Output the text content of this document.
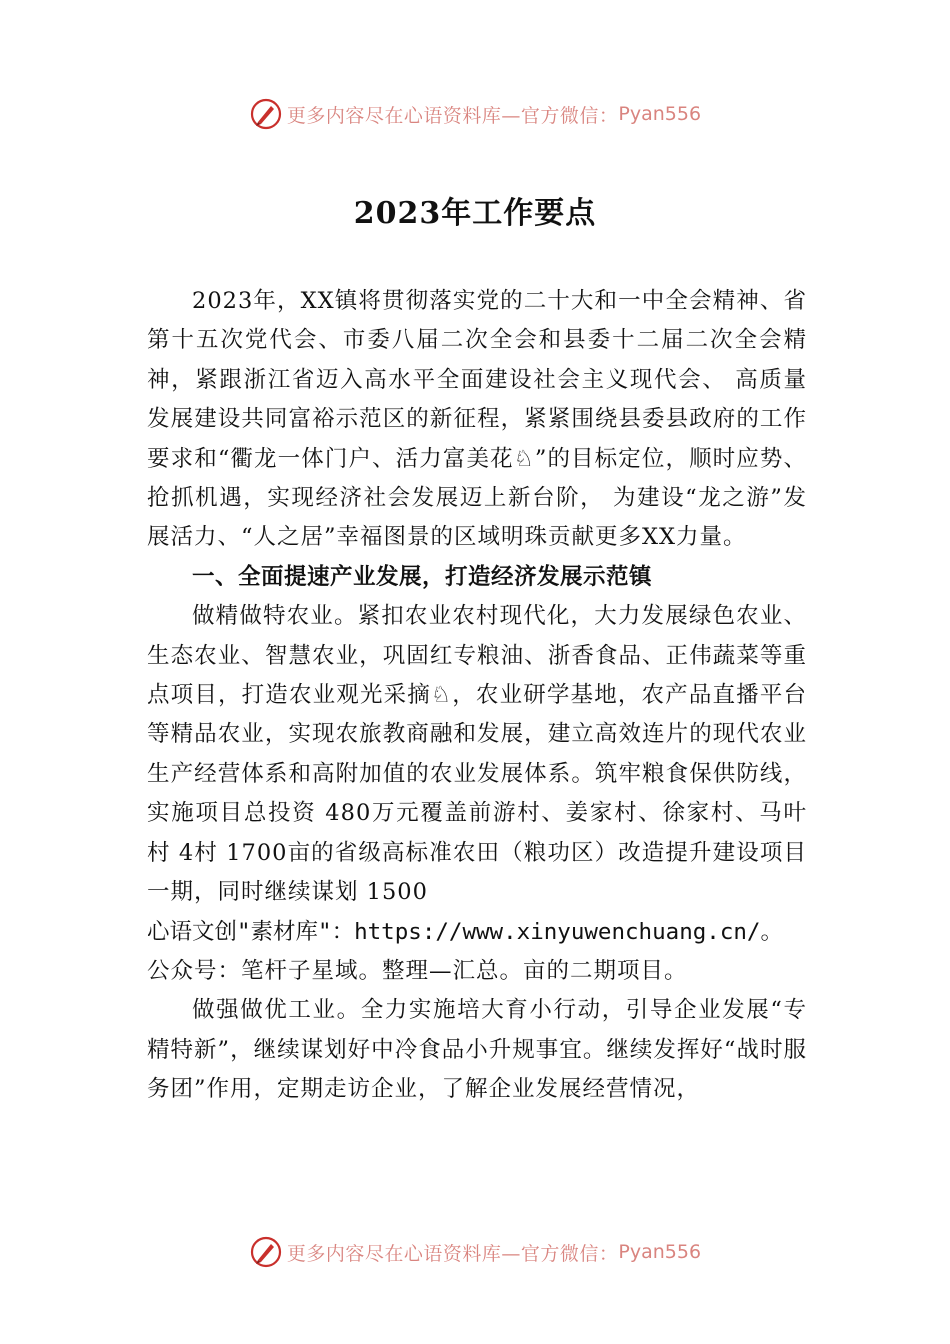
更多内容尽在心语资料库—官方微信： Pyan556
2023年工作要点

2023年，XX镇将贯彻落实党的二十大和一中全会精神、省第十五次党代会、市委八届二次全会和县委十二届二次全会精神，紧跟浙江省迈入高水平全面建设社会主义现代会、 高质量发展建设共同富裕示范区的新征程，紧紧围绕县委县政府的工作要求和“衢龙一体门户、活力富美花♘”的目标定位，顺时应势、抢抓机遇，实现经济社会发展迈上新台阶， 为建设“龙之游”发展活力、“人之居”幸福图景的区域明珠贡献更多XX力量。

一、全面提速产业发展，打造经济发展示范镇

做精做特农业。紧扣农业农村现代化，大力发展绿色农业、生态农业、智慧农业，巩固红专粮油、浙香食品、正伟蔬菜等重点项目，打造农业观光采摘♘，农业研学基地，农产品直播平台等精品农业，实现农旅教商融和发展，建立高效连片的现代农业生产经营体系和高附加值的农业发展体系。筑牢粮食保供防线，实施项目总投资 480万元覆盖前游村、姜家村、徐家村、马叶村 4村 1700亩的省级高标准农田（粮功区）改造提升建设项目一期，同时继续谋划 1500

心语文创"素材库"：https://www.xinyuwenchuang.cn/。

公众号：笔杆子星域。整理—汇总。亩的二期项目。

做强做优工业。全力实施培大育小行动，引导企业发展“专精特新”，继续谋划好中冷食品小升规事宜。继续发挥好“战时服务团”作用，定期走访企业，了解企业发展经营情况，

更多内容尽在心语资料库—官方微信： Pyan556
